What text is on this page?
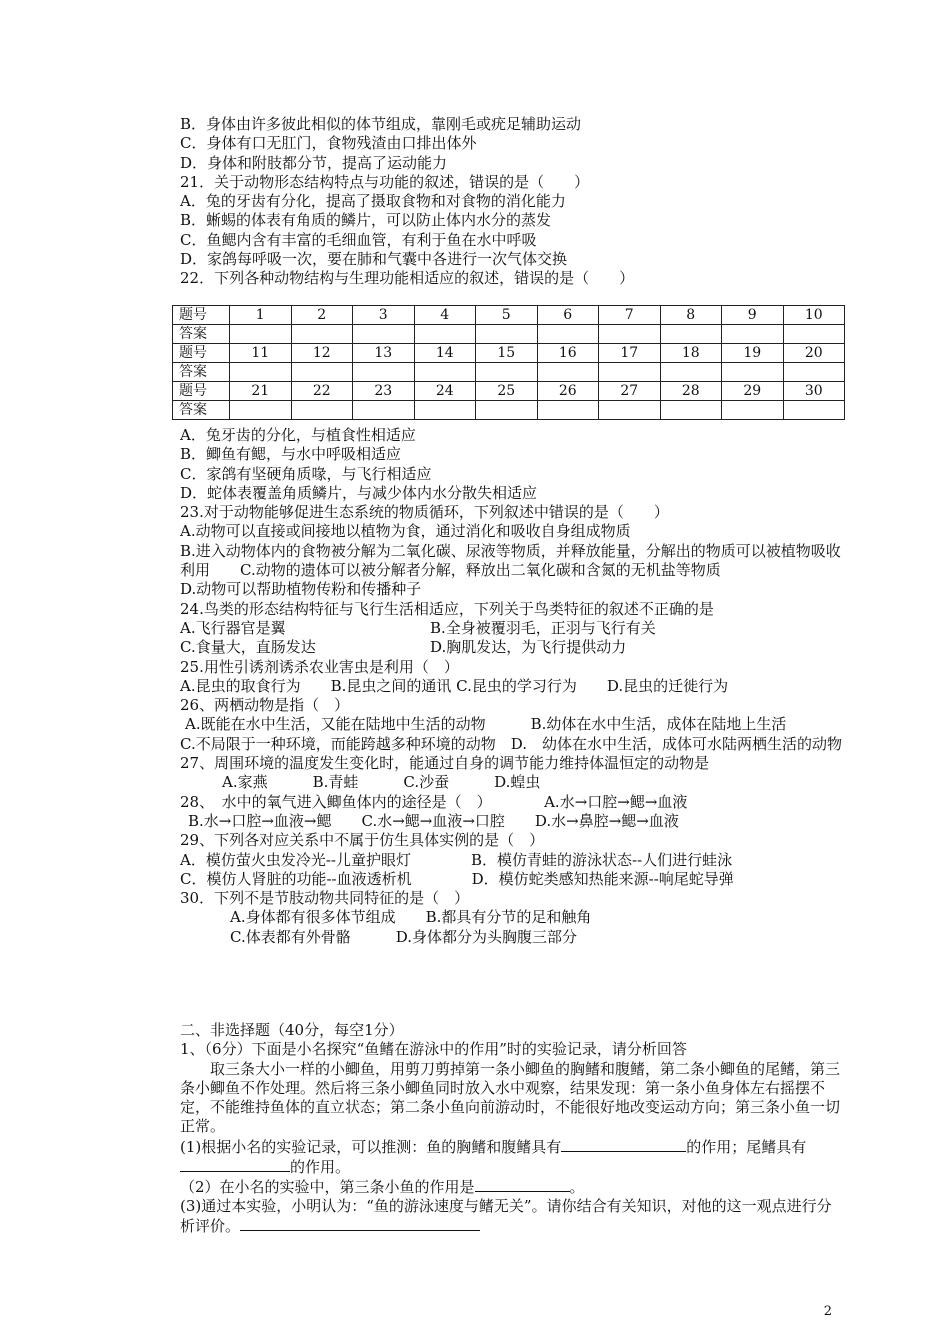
B．身体由许多彼此相似的体节组成，靠刚毛或疣足辅助运动
C．身体有口无肛门，食物残渣由口排出体外
D．身体和附肢都分节，提高了运动能力
21．关于动物形态结构特点与功能的叙述，错误的是（　　）
A．兔的牙齿有分化，提高了摄取食物和对食物的消化能力
B．蜥蜴的体表有角质的鳞片，可以防止体内水分的蒸发
C．鱼鳃内含有丰富的毛细血管，有利于鱼在水中呼吸
D．家鸽每呼吸一次，要在肺和气囊中各进行一次气体交换
22．下列各种动物结构与生理功能相适应的叙述，错误的是（　　）
题号	1	2	3	4	5	6	7	8	9	10
答案										
题号	11	12	13	14	15	16	17	18	19	20
答案										
题号	21	22	23	24	25	26	27	28	29	30
答案										
A．兔牙齿的分化，与植食性相适应
B．鲫鱼有鳃，与水中呼吸相适应
C．家鸽有坚硬角质喙，与飞行相适应
D．蛇体表覆盖角质鳞片，与减少体内水分散失相适应
23.对于动物能够促进生态系统的物质循环，下列叙述中错误的是（　　）
A.动物可以直接或间接地以植物为食，通过消化和吸收自身组成物质
B.进入动物体内的食物被分解为二氧化碳、尿液等物质，并释放能量，分解出的物质可以被植物吸收利用　　C.动物的遗体可以被分解者分解，释放出二氧化碳和含氮的无机盐等物质
D.动物可以帮助植物传粉和传播种子
24.鸟类的形态结构特征与飞行生活相适应，下列关于鸟类特征的叙述不正确的是
A.飞行器官是翼	B.全身被覆羽毛，正羽与飞行有关
C.食量大，直肠发达	D.胸肌发达，为飞行提供动力
25.用性引诱剂诱杀农业害虫是利用（　）
A.昆虫的取食行为　　B.昆虫之间的通讯 C.昆虫的学习行为　　D.昆虫的迁徙行为
26、两栖动物是指（　）
A.既能在水中生活，又能在陆地中生活的动物　　　B.幼体在水中生活，成体在陆地上生活
C.不局限于一种环境，而能跨越多种环境的动物　D.　幼体在水中生活，成体可水陆两栖生活的动物
27、周围环境的温度发生变化时，能通过自身的调节能力维持体温恒定的动物是
A.家燕　　　B.青蛙　　　C.沙蚕　　　D.蝗虫
28、　水中的氧气进入鲫鱼体内的途径是（　）　　　　A.水→口腔→鳃→血液
B.水→口腔→血液→鳃　　C.水→鳃→血液→口腔　　D.水→鼻腔→鳃→血液
29、下列各对应关系中不属于仿生具体实例的是（　）
A．模仿萤火虫发冷光--儿童护眼灯　　　　B．模仿青蛙的游泳状态--人们进行蛙泳
C．模仿人肾脏的功能--血液透析机　　　　D．模仿蛇类感知热能来源--响尾蛇导弹
30．下列不是节肢动物共同特征的是（　）
A.身体都有很多体节组成　　B.都具有分节的足和触角
C.体表都有外骨骼　　　D.身体都分为头胸腹三部分
二、非选择题（40分，每空1分）
1、（6分）下面是小名探究“鱼鳍在游泳中的作用”时的实验记录，请分析回答
取三条大小一样的小鲫鱼，用剪刀剪掉第一条小鲫鱼的胸鳍和腹鳍，第二条小鲫鱼的尾鳍，第三条小鲫鱼不作处理。然后将三条小鲫鱼同时放入水中观察，结果发现：第一条小鱼身体左右摇摆不定，不能维持鱼体的直立状态；第二条小鱼向前游动时，不能很好地改变运动方向；第三条小鱼一切正常。
(1)根据小名的实验记录，可以推测：鱼的胸鳍和腹鳍具有	的作用；尾鳍具有的作用。
（2）在小名的实验中，第三条小鱼的作用是	。
(3)通过本实验，小明认为：“鱼的游泳速度与鳍无关”。请你结合有关知识，对他的这一观点进行分析评价。
2
